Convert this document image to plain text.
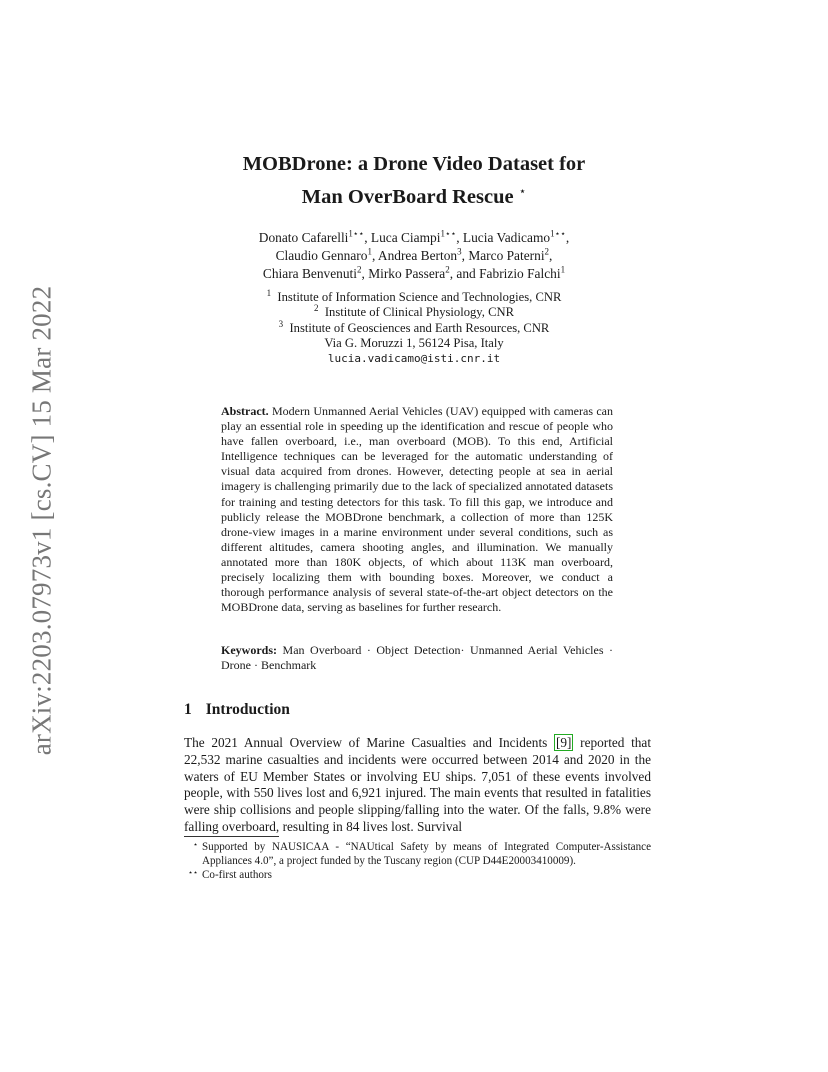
arXiv:2203.07973v1 [cs.CV] 15 Mar 2022
MOBDrone: a Drone Video Dataset for
Man OverBoard Rescue ⋆
Donato Cafarelli$^{1⋆⋆}$, Luca Ciampi$^{1⋆⋆}$, Lucia Vadicamo$^{1⋆⋆}$,
Claudio Gennaro$^1$, Andrea Berton$^3$, Marco Paterni$^2$,
Chiara Benvenuti$^2$, Mirko Passera$^2$, and Fabrizio Falchi$^1$
$^1$ Institute of Information Science and Technologies, CNR
$^2$ Institute of Clinical Physiology, CNR
$^3$ Institute of Geosciences and Earth Resources, CNR
Via G. Moruzzi 1, 56124 Pisa, Italy
lucia.vadicamo@isti.cnr.it
Abstract. Modern Unmanned Aerial Vehicles (UAV) equipped with cameras can play an essential role in speeding up the identification and rescue of people who have fallen overboard, i.e., man overboard (MOB). To this end, Artificial Intelligence techniques can be leveraged for the automatic understanding of visual data acquired from drones. However, detecting people at sea in aerial imagery is challenging primarily due to the lack of specialized annotated datasets for training and testing detectors for this task. To fill this gap, we introduce and publicly release the MOBDrone benchmark, a collection of more than 125K drone-view images in a marine environment under several conditions, such as different altitudes, camera shooting angles, and illumination. We manually annotated more than 180K objects, of which about 113K man overboard, precisely localizing them with bounding boxes. Moreover, we conduct a thorough performance analysis of several state-of-the-art object detectors on the MOBDrone data, serving as baselines for further research.
Keywords: Man Overboard · Object Detection· Unmanned Aerial Vehicles · Drone · Benchmark
1 Introduction
The 2021 Annual Overview of Marine Casualties and Incidents [9] reported that 22,532 marine casualties and incidents were occurred between 2014 and 2020 in the waters of EU Member States or involving EU ships. 7,051 of these events involved people, with 550 lives lost and 6,921 injured. The main events that resulted in fatalities were ship collisions and people slipping/falling into the water. Of the falls, 9.8% were falling overboard, resulting in 84 lives lost. Survival
⋆ Supported by NAUSICAA - “NAUtical Safety by means of Integrated Computer-Assistance Appliances 4.0”, a project funded by the Tuscany region (CUP D44E20003410009).
⋆⋆ Co-first authors
